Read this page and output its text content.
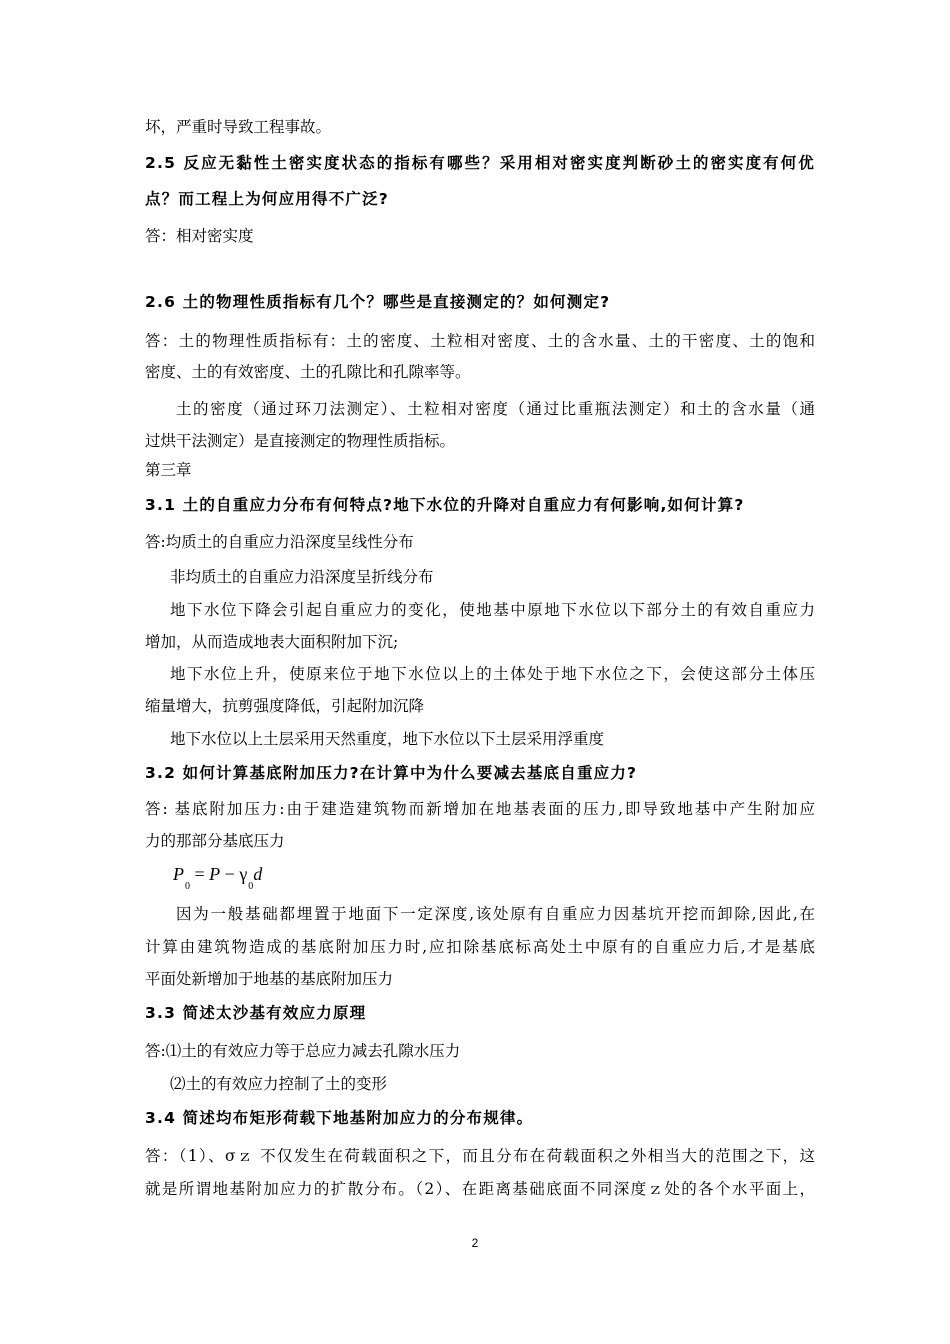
坏，严重时导致工程事故。
2.5 反应无黏性土密实度状态的指标有哪些？采用相对密实度判断砂土的密实度有何优
点？而工程上为何应用得不广泛?
答：相对密实度
2.6 土的物理性质指标有几个？哪些是直接测定的？如何测定?
答：土的物理性质指标有：土的密度、土粒相对密度、土的含水量、土的干密度、土的饱和
密度、土的有效密度、土的孔隙比和孔隙率等。
土的密度（通过环刀法测定）、土粒相对密度（通过比重瓶法测定）和土的含水量（通
过烘干法测定）是直接测定的物理性质指标。
第三章
3.1 土的自重应力分布有何特点?地下水位的升降对自重应力有何影响,如何计算?
答:均质土的自重应力沿深度呈线性分布
非均质土的自重应力沿深度呈折线分布
地下水位下降会引起自重应力的变化，使地基中原地下水位以下部分土的有效自重应力
增加，从而造成地表大面积附加下沉;
地下水位上升，使原来位于地下水位以上的土体处于地下水位之下，会使这部分土体压
缩量增大，抗剪强度降低，引起附加沉降
地下水位以上土层采用天然重度，地下水位以下土层采用浮重度
3.2 如何计算基底附加压力?在计算中为什么要减去基底自重应力?
答: 基底附加压力:由于建造建筑物而新增加在地基表面的压力,即导致地基中产生附加应
力的那部分基底压力
$P_0 = P - \gamma_0d$
因为一般基础都埋置于地面下一定深度,该处原有自重应力因基坑开挖而卸除,因此,在
计算由建筑物造成的基底附加压力时,应扣除基底标高处土中原有的自重应力后,才是基底
平面处新增加于地基的基底附加压力
3.3 简述太沙基有效应力原理
答:⑴土的有效应力等于总应力减去孔隙水压力
⑵土的有效应力控制了土的变形
3.4 简述均布矩形荷载下地基附加应力的分布规律。
答：（1）、σｚ 不仅发生在荷载面积之下，而且分布在荷载面积之外相当大的范围之下，这
就是所谓地基附加应力的扩散分布。（2）、在距离基础底面不同深度ｚ处的各个水平面上，
2
